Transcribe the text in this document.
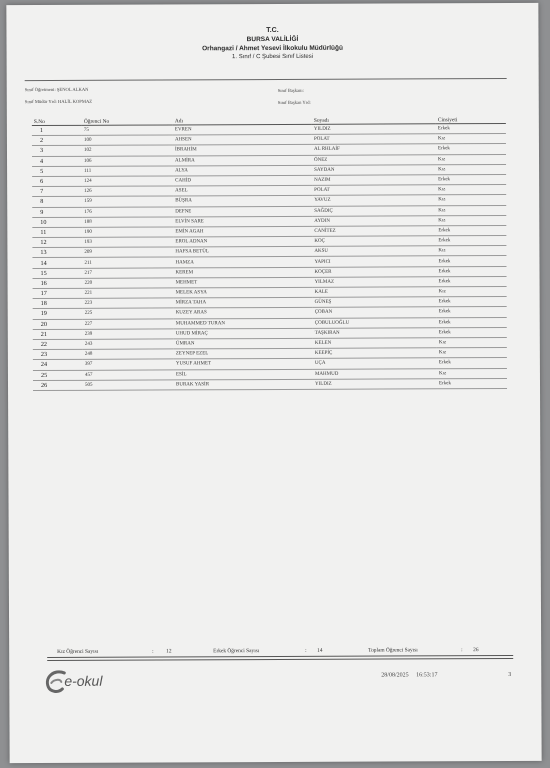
T.C.
BURSA VALİLİĞİ
Orhangazi / Ahmet Yesevi İlkokulu Müdürlüğü
1. Sınıf / C Şubesi Sınıf Listesi
Sınıf Öğretmeni: ŞENOL ALKAN
Sınıf Müdür Yrd: HALİL KOPMAZ
Sınıf Başkanı:
Sınıf Başkan Yrd:
S.No	Öğrenci No	Adı	Soyadı	Cinsiyeti
1	75	EVREN	YILDIZ	Erkek
2	100	AHSEN	POLAT	Kız
3	102	İBRAHİM	AL RHLAİF	Erkek
4	106	ALMİRA	ÖNEZ	Kız
5	111	ALYA	SAYDAN	Kız
6	124	CAHİD	NAZIM	Erkek
7	126	ASEL	POLAT	Kız
8	159	BÜŞRA	YAVUZ	Kız
9	176	DEFNE	SAĞDIÇ	Kız
10	188	ELVİN SARE	AYDIN	Kız
11	190	EMİN AGAH	CANİTEZ	Erkek
12	193	EROL ADNAN	KOÇ	Erkek
13	209	HAFSA BETÜL	AKSU	Kız
14	211	HAMZA	YAPICI	Erkek
15	217	KEREM	KOÇER	Erkek
16	220	MEHMET	YILMAZ	Erkek
17	221	MELEK ASYA	KALE	Kız
18	223	MİRZA TAHA	GÜNEŞ	Erkek
19	225	KUZEY ARAS	ÇOBAN	Erkek
20	227	MUHAMMED TURAN	ÇOBULUOĞLU	Erkek
21	239	UHUD MİRAÇ	TAŞKIRAN	Erkek
22	243	ÜMRAN	KELEN	Kız
23	248	ZEYNEP EZEL	KEEPİÇ	Kız
24	397	YUSUF AHMET	UÇA	Erkek
25	457	ESİL	MAHMUD	Kız
26	505	BURAK YASİR	YILDIZ	Erkek
Kız Öğrenci Sayısı	: 12	Erkek Öğrenci Sayısı	: 14	Toplam Öğrenci Sayısı	: 26
e-okul	28/08/2025 16:53:17	3
